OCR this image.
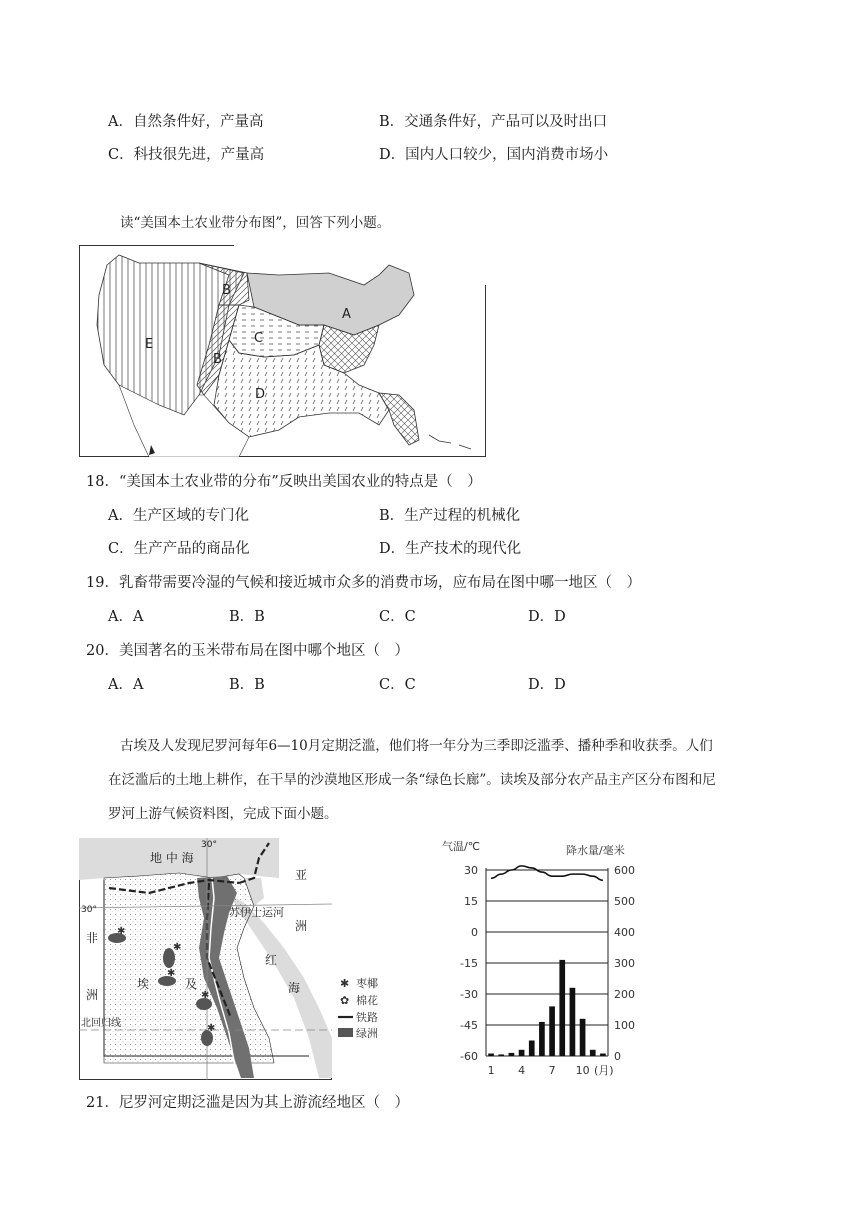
A．自然条件好，产量高	B．交通条件好，产品可以及时出口
C．科技很先进，产量高	D．国内人口较少，国内消费市场小
读“美国本土农业带分布图”，回答下列小题。
B
A
C
E
B
D
18．“美国本土农业带的分布”反映出美国农业的特点是（　）
A．生产区域的专门化	B．生产过程的机械化
C．生产产品的商品化	D．生产技术的现代化
19．乳畜带需要冷湿的气候和接近城市众多的消费市场，应布局在图中哪一地区（　）
A．A	B．B	C．C	D．D
20．美国著名的玉米带布局在图中哪个地区（　）
A．A	B．B	C．C	D．D
古埃及人发现尼罗河每年6—10月定期泛滥，他们将一年分为三季即泛滥季、播种季和收获季。人们
在泛滥后的土地上耕作，在干旱的沙漠地区形成一条“绿色长廊”。读埃及部分农产品主产区分布图和尼
罗河上游气候资料图，完成下面小题。
✱
✱
✱
✱
✱
地 中 海
30°
30°	苏伊士运河
亚
洲
非
洲
红
海
埃	及
北回归线
✱ 枣椰
✿ 棉花
铁路
绿洲
气温/℃	降水量/毫米
30
15
0
-15
-30
-45
-60
600
500
400
300
200
100
0
1 4 7 10 (月)
21．尼罗河定期泛滥是因为其上游流经地区（　）
